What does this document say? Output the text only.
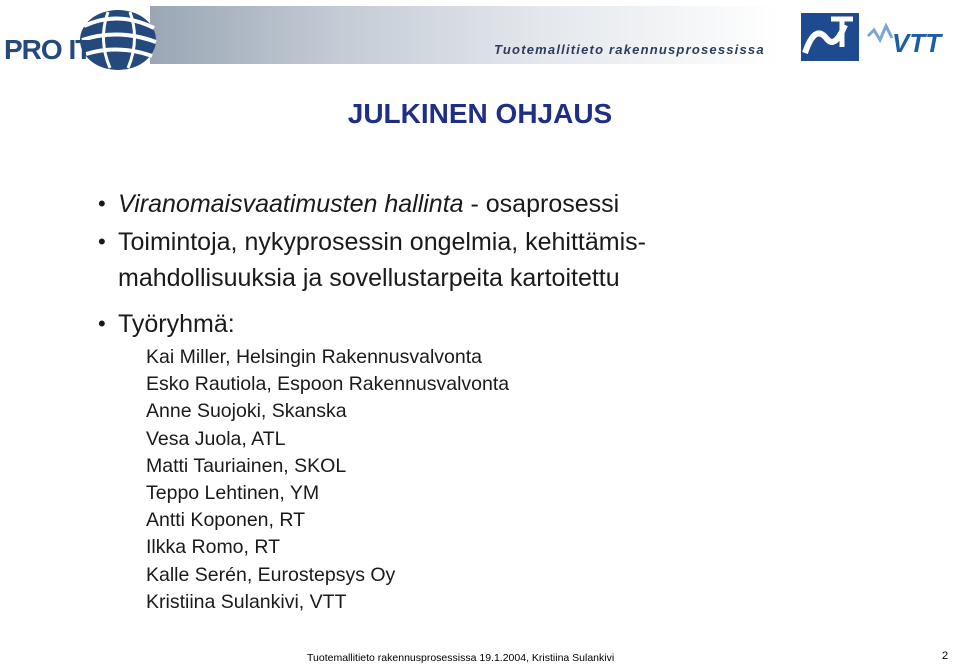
PRO IT	Tuotemallitieto rakennusprosessissa	VTT
JULKINEN OHJAUS
• Viranomaisvaatimusten hallinta - osaprosessi
• Toimintoja, nykyprosessin ongelmia, kehittämis-
mahdollisuuksia ja sovellustarpeita kartoitettu
• Työryhmä:
Kai Miller, Helsingin Rakennusvalvonta
Esko Rautiola, Espoon Rakennusvalvonta
Anne Suojoki, Skanska
Vesa Juola, ATL
Matti Tauriainen, SKOL
Teppo Lehtinen, YM
Antti Koponen, RT
Ilkka Romo, RT
Kalle Serén, Eurostepsys Oy
Kristiina Sulankivi, VTT
Tuotemallitieto rakennusprosessissa 19.1.2004, Kristiina Sulankivi	2
